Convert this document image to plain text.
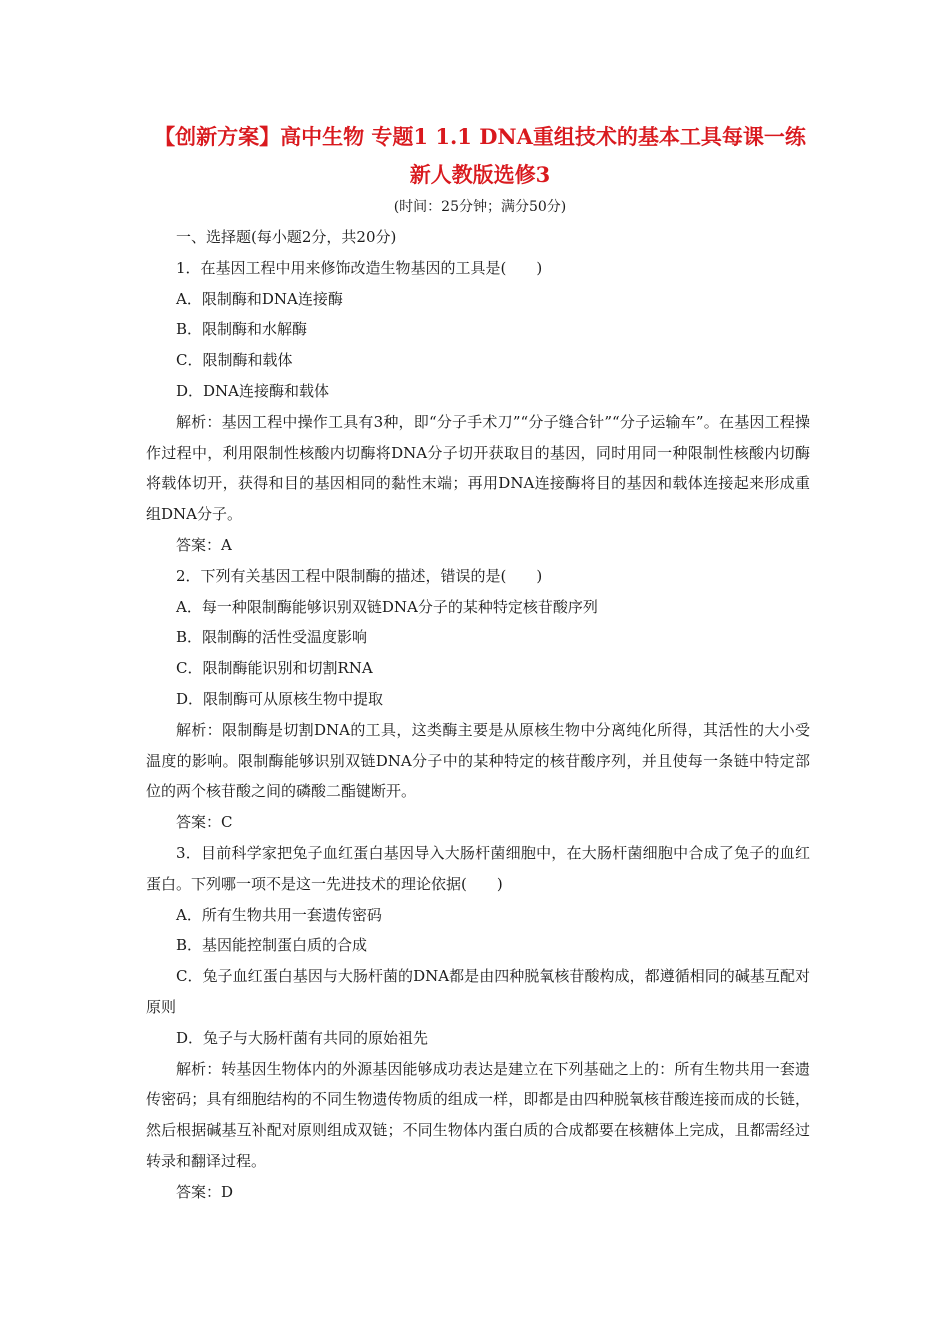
【创新方案】高中生物 专题1 1.1 DNA重组技术的基本工具每课一练 新人教版选修3

(时间：25分钟；满分50分)

一、选择题(每小题2分，共20分)

1．在基因工程中用来修饰改造生物基因的工具是(　　)

A．限制酶和DNA连接酶

B．限制酶和水解酶

C．限制酶和载体

D．DNA连接酶和载体

解析：基因工程中操作工具有3种，即“分子手术刀”“分子缝合针”“分子运输车”。在基因工程操作过程中，利用限制性核酸内切酶将DNA分子切开获取目的基因，同时用同一种限制性核酸内切酶将载体切开，获得和目的基因相同的黏性末端；再用DNA连接酶将目的基因和载体连接起来形成重组DNA分子。

答案：A

2．下列有关基因工程中限制酶的描述，错误的是(　　)

A．每一种限制酶能够识别双链DNA分子的某种特定核苷酸序列

B．限制酶的活性受温度影响

C．限制酶能识别和切割RNA

D．限制酶可从原核生物中提取

解析：限制酶是切割DNA的工具，这类酶主要是从原核生物中分离纯化所得，其活性的大小受温度的影响。限制酶能够识别双链DNA分子中的某种特定的核苷酸序列，并且使每一条链中特定部位的两个核苷酸之间的磷酸二酯键断开。

答案：C

3．目前科学家把兔子血红蛋白基因导入大肠杆菌细胞中，在大肠杆菌细胞中合成了兔子的血红蛋白。下列哪一项不是这一先进技术的理论依据(　　)

A．所有生物共用一套遗传密码

B．基因能控制蛋白质的合成

C．兔子血红蛋白基因与大肠杆菌的DNA都是由四种脱氧核苷酸构成，都遵循相同的碱基互配对原则

D．兔子与大肠杆菌有共同的原始祖先

解析：转基因生物体内的外源基因能够成功表达是建立在下列基础之上的：所有生物共用一套遗传密码；具有细胞结构的不同生物遗传物质的组成一样，即都是由四种脱氧核苷酸连接而成的长链，然后根据碱基互补配对原则组成双链；不同生物体内蛋白质的合成都要在核糖体上完成，且都需经过转录和翻译过程。

答案：D
